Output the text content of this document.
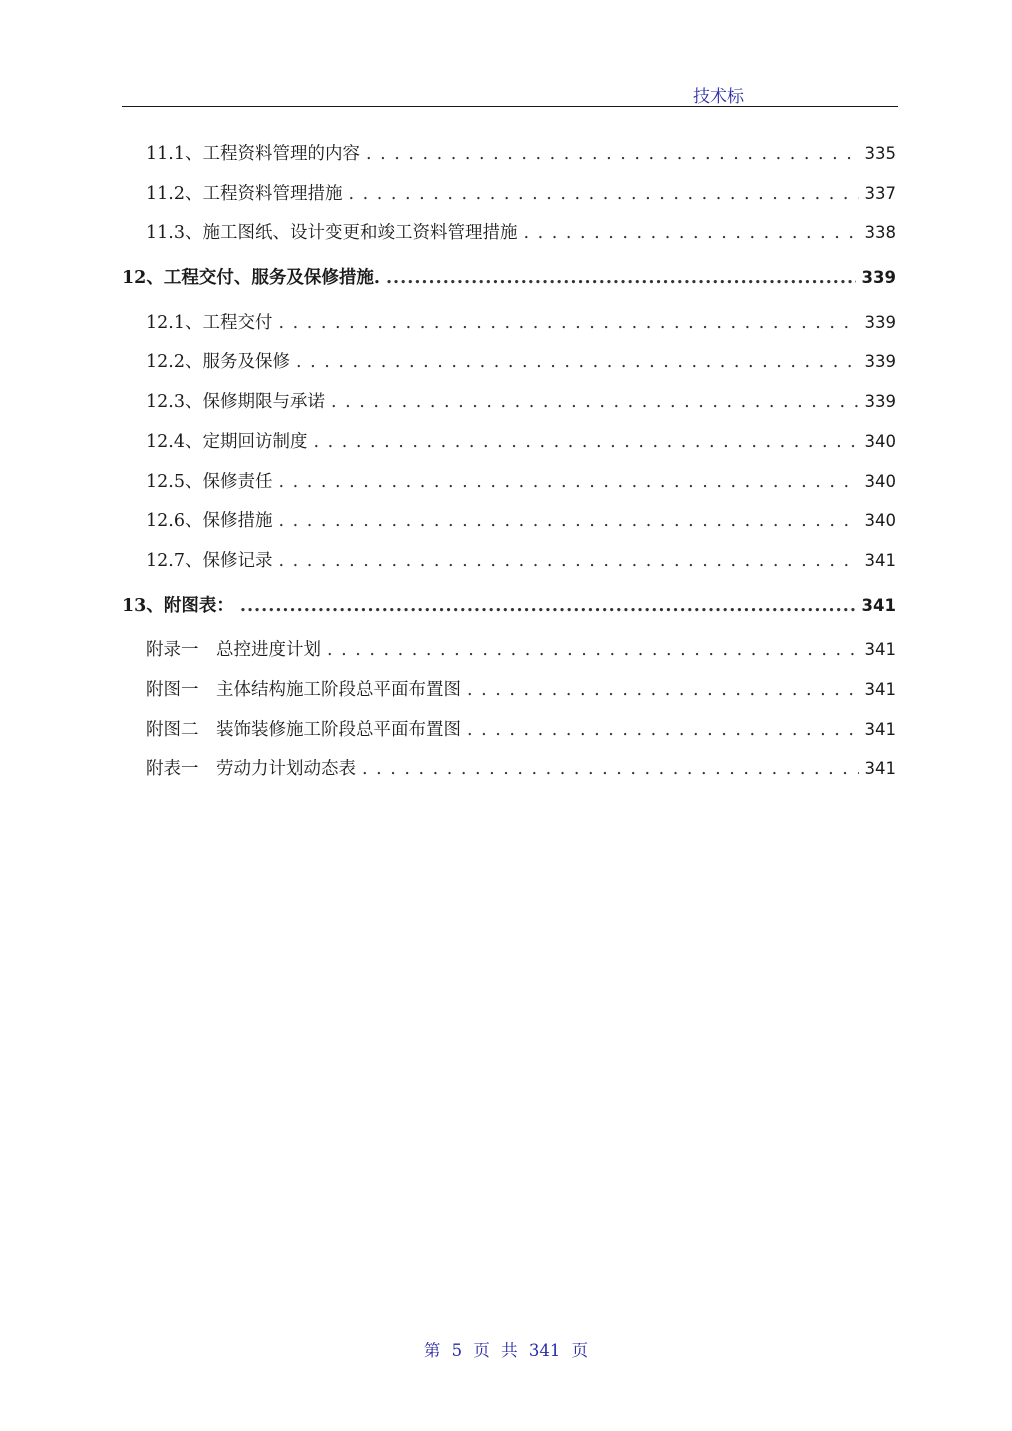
技术标
11.1、工程资料管理的内容 . . .	335
11.2、工程资料管理措施 . . .	337
11.3、施工图纸、设计变更和竣工资料管理措施 . . .	338
12、工程交付、服务及保修措施. .....	339
12.1、工程交付 . . .	339
12.2、服务及保修 . . .	339
12.3、保修期限与承诺 . . .	339
12.4、定期回访制度 . . .	340
12.5、保修责任 . . .	340
12.6、保修措施 . . .	340
12.7、保修记录 . . .	341
13、附图表： .....	341
附录一　总控进度计划 . . .	341
附图一　主体结构施工阶段总平面布置图 . . .	341
附图二　装饰装修施工阶段总平面布置图 . . .	341
附表一　劳动力计划动态表 . . .	341
第 5 页 共 341 页
